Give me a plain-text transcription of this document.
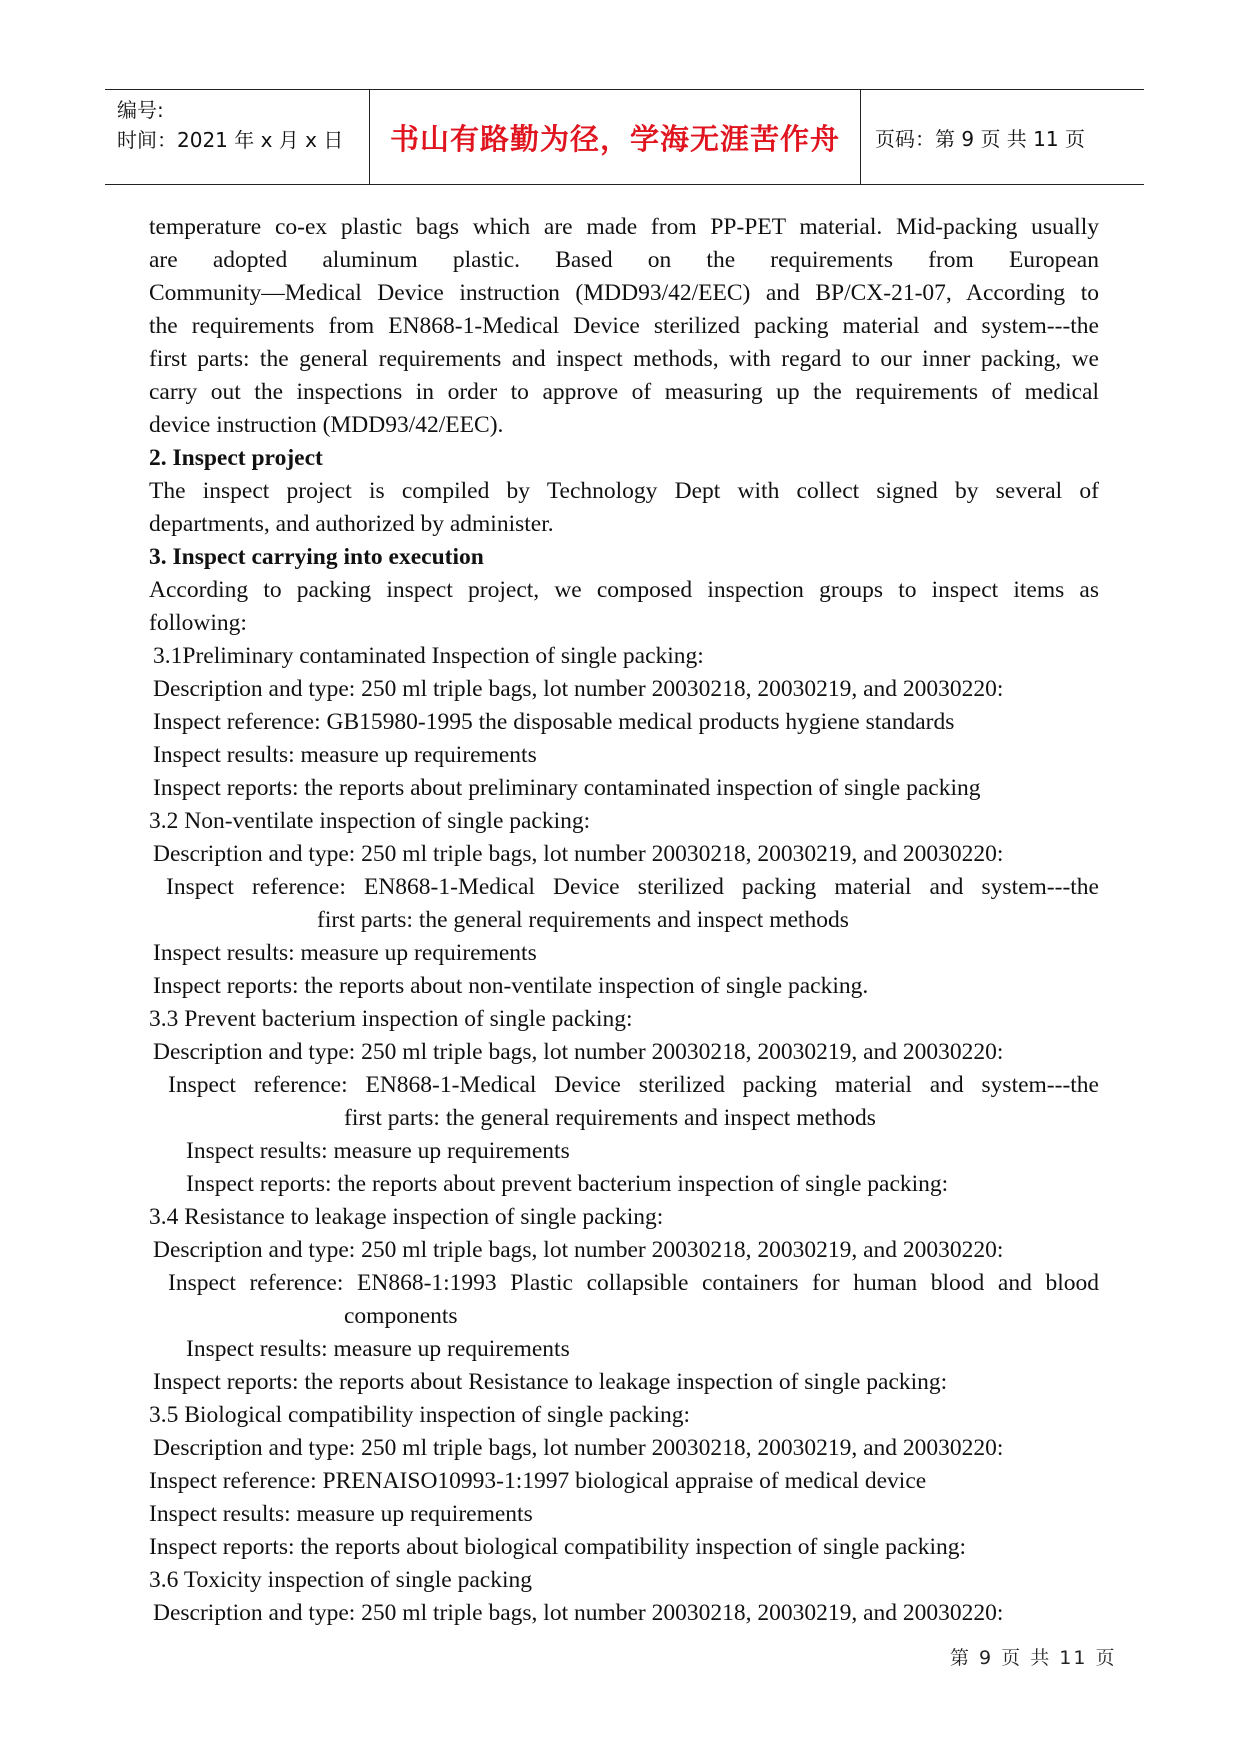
编号:
时间：2021 年 x 月 x 日 书山有路勤为径，学海无涯苦作舟 页码：第 9 页 共 11 页
temperature co-ex plastic bags which are made from PP-PET material. Mid-packing usually
are adopted aluminum plastic. Based on the requirements from European
Community—Medical Device instruction (MDD93/42/EEC) and BP/CX-21-07, According to
the requirements from EN868-1-Medical Device sterilized packing material and system---the
first parts: the general requirements and inspect methods, with regard to our inner packing, we
carry out the inspections in order to approve of measuring up the requirements of medical
device instruction (MDD93/42/EEC).
2. Inspect project
The inspect project is compiled by Technology Dept with collect signed by several of
departments, and authorized by administer.
3. Inspect carrying into execution
According to packing inspect project, we composed inspection groups to inspect items as
following:
3.1Preliminary contaminated Inspection of single packing:
Description and type: 250 ml triple bags, lot number 20030218, 20030219, and 20030220:
Inspect reference: GB15980-1995 the disposable medical products hygiene standards
Inspect results: measure up requirements
Inspect reports: the reports about preliminary contaminated inspection of single packing
3.2 Non-ventilate inspection of single packing:
Description and type: 250 ml triple bags, lot number 20030218, 20030219, and 20030220:
Inspect reference: EN868-1-Medical Device sterilized packing material and system---the
first parts: the general requirements and inspect methods
Inspect results: measure up requirements
Inspect reports: the reports about non-ventilate inspection of single packing.
3.3 Prevent bacterium inspection of single packing:
Description and type: 250 ml triple bags, lot number 20030218, 20030219, and 20030220:
Inspect reference: EN868-1-Medical Device sterilized packing material and system---the
first parts: the general requirements and inspect methods
Inspect results: measure up requirements
Inspect reports: the reports about prevent bacterium inspection of single packing:
3.4 Resistance to leakage inspection of single packing:
Description and type: 250 ml triple bags, lot number 20030218, 20030219, and 20030220:
Inspect reference: EN868-1:1993 Plastic collapsible containers for human blood and blood
components
Inspect results: measure up requirements
Inspect reports: the reports about Resistance to leakage inspection of single packing:
3.5 Biological compatibility inspection of single packing:
Description and type: 250 ml triple bags, lot number 20030218, 20030219, and 20030220:
Inspect reference: PRENAISO10993-1:1997 biological appraise of medical device
Inspect results: measure up requirements
Inspect reports: the reports about biological compatibility inspection of single packing:
3.6 Toxicity inspection of single packing
Description and type: 250 ml triple bags, lot number 20030218, 20030219, and 20030220:
第 9 页 共 11 页
